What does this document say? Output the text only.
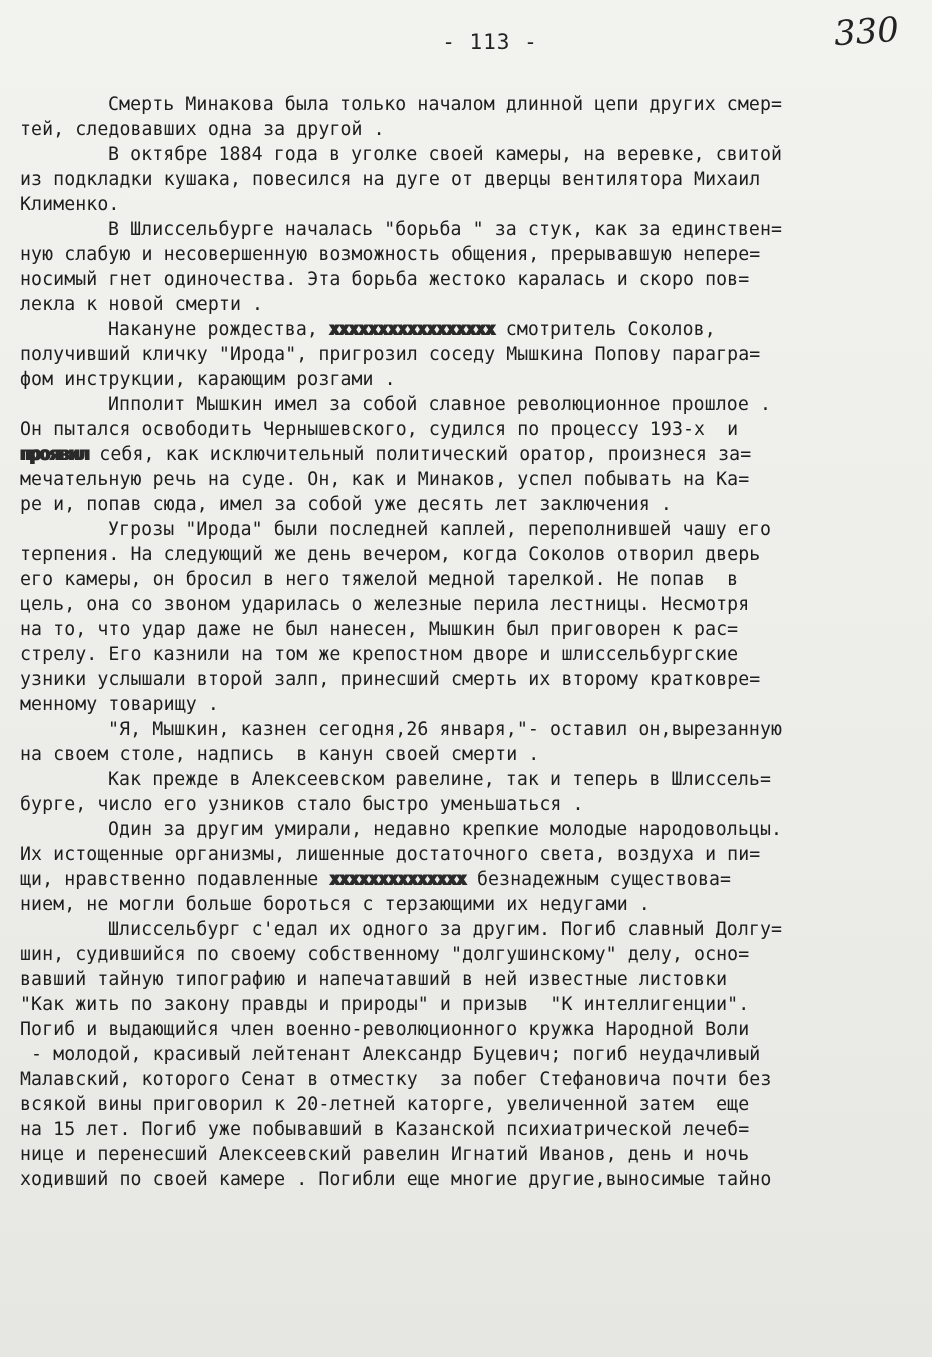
- 113 -	330
Смерть Минакова была только началом длинной цепи других смер=
тей, следовавших одна за другой .
В октябре 1884 года в уголке своей камеры, на веревке, свитой
из подкладки кушака, повесился на дуге от дверцы вентилятора Михаил
Клименко.
В Шлиссельбурге началась "борьба " за стук, как за единствен=
ную слабую и несовершенную возможность общения, прерывавшую непере=
носимый гнет одиночества. Эта борьба жестоко каралась и скоро пов=
лекла к новой смерти .
Накануне рождества, xxxxxxxxxxxxxxxxx смотритель Соколов,
получивший кличку "Ирода", пригрозил соседу Мышкина Попову паpагра=
фом инструкции, карающим розгами .
Ипполит Мышкин имел за собой славное революционное прошлое .
Он пытался освободить Чернышевского, судился по процессу 193-х  и
проявил себя, как исключительный политический оратор, произнеся за=
мечательную речь на суде. Он, как и Минаков, успел побывать на Ка=
ре и, попав сюда, имел за собой уже десять лет заключения .
Угрозы "Ирода" были последней каплей, переполнившей чашу его
терпения. На следующий же день вечером, когда Соколов отворил дверь
его камеры, он бросил в него тяжелой медной тарелкой. Не попав  в
цель, она со звоном ударилась о железные перила лестницы. Несмотря
на то, что удар даже не был нанесен, Мышкин был приговорен к рас=
стрелу. Его казнили на том же крепостном дворе и шлиссельбургские
узники услышали второй залп, принесший смерть их второму кратковре=
менному товарищу .
"Я, Мышкин, казнен сегодня,26 января,"- оставил он,вырезанную
на своем столе, надпись  в канун своей смерти .
Как прежде в Алексеевском равелине, так и теперь в Шлиссель=
бурге, число его узников стало быстро уменьшаться .
Один за другим умирали, недавно крепкие молодые народовольцы.
Их истощенные организмы, лишенные достаточного света, воздуха и пи=
щи, нравственно подавленные xxxxxxxxxxxxxx безнадежным существова=
нием, не могли больше бороться с терзающими их недугами .
Шлиссельбург с'едал их одного за другим. Погиб славный Долгу=
шин, судившийся по своему собственному "долгушинскому" делу, осно=
вавший тайную типографию и напечатавший в ней известные листовки
"Как жить по закону правды и природы" и призыв  "К интеллигенции".
Погиб и выдающийся член военно-революционного кружка Народной Воли
- молодой, красивый лейтенант Александр Буцевич; погиб неудачливый
Малавский, которого Сенат в отместку  за побег Стефановича почти без
всякой вины приговорил к 20-летней каторге, увеличенной затем  еще
на 15 лет. Погиб уже побывавший в Казанской психиатрической лечеб=
нице и перенесший Алексеевский равелин Игнатий Иванов, день и ночь
ходивший по своей камере . Погибли еще многие другие,выносимые тайно
